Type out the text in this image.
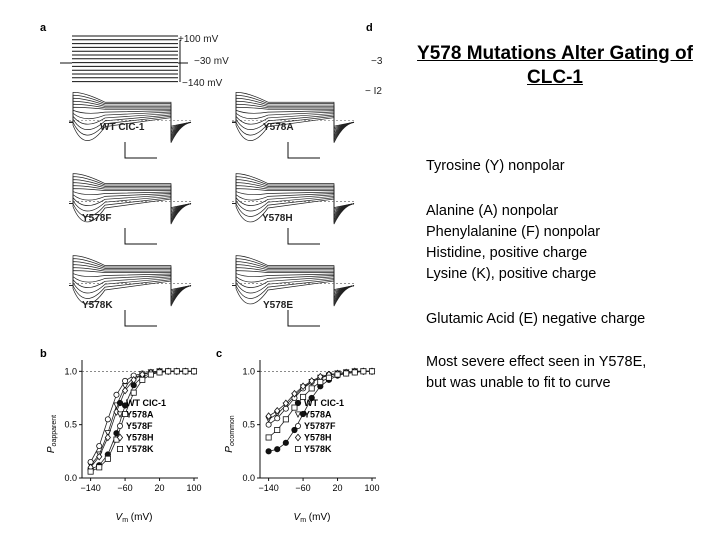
a
b	c
d
+100 mV
−30 mV
−140 mV
−3
− I2
WT CIC-1	Y578A
Y578F	Y578H
Y578K	Y578E
0.0
0.5
1.0
−140 −60 20 100
WT CIC-1
Y578A
Y578F
Y578H
Y578K
$P_oapparent$
$V_m$ (mV)
0.0
0.5
1.0
−140 −60 20 100
WT CIC-1
Y578A
Y5787F
Y578H
Y578K
$P_ocommon$
$V_m$ (mV)
Y578 Mutations Alter Gating of CLC-1
Tyrosine (Y) nonpolar
Alanine (A) nonpolar
Phenylalanine (F) nonpolar
Histidine, positive charge
Lysine (K), positive charge
Glutamic Acid (E) negative charge
Most severe effect seen in Y578E,
but was unable to fit to curve
